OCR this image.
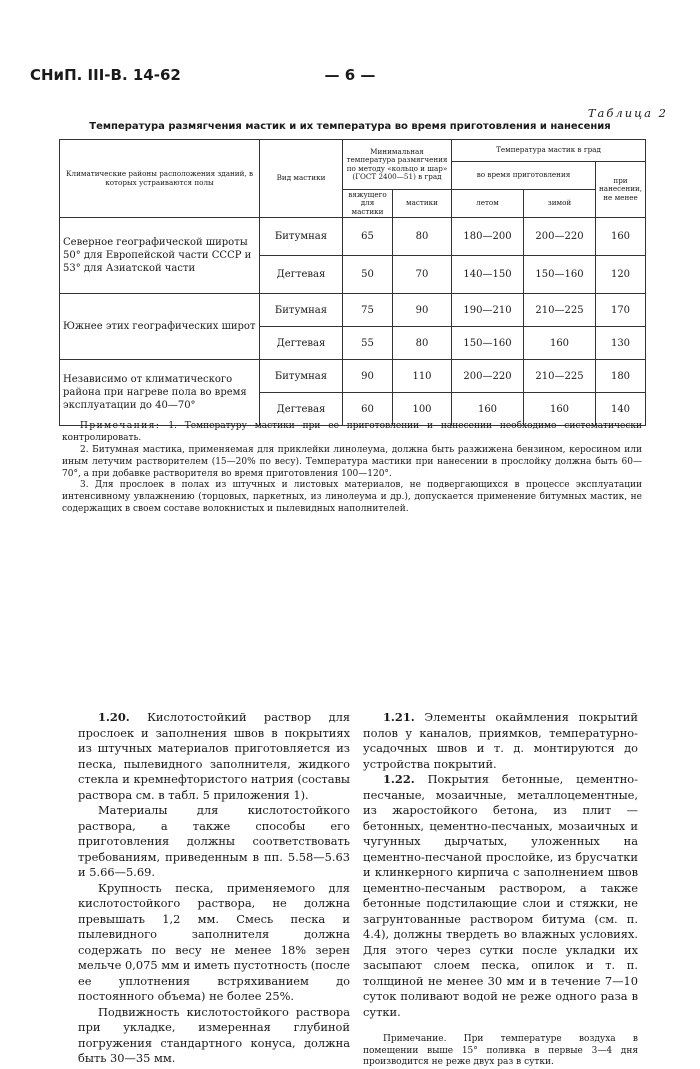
СНиП. III-В. 14-62	— 6 —
Таблица 2
Температура размягчения мастик и их температура во время приготовления и нанесения
Климатические районы расположения зданий, в которых устраиваются полы	Вид мастики	Минимальная температура размягчения по методу «кольцо и шар» (ГОСТ 2400—51) в град		Температура мастик в град		
				во время приготовления		при нанесении, не менее
		вяжущего для мастики	мастики	летом	зимой	
Северное географической широты 50° для Европейской части СССР и 53° для Азиатской части	Битумная	65	80	180—200	200—220	160
	Дегтевая	50	70	140—150	150—160	120
Южнее этих географических широт	Битумная	75	90	190—210	210—225	170
	Дегтевая	55	80	150—160	160	130
Независимо от климатического района при нагреве пола во время эксплуатации до 40—70°	Битумная	90	110	200—220	210—225	180
	Дегтевая	60	100	160	160	140

Примечания: 1. Температуру мастики при ее приготовлении и нанесении необходимо систематически контролировать.

2. Битумная мастика, применяемая для приклейки линолеума, должна быть разжижена бензином, керосином или иным летучим растворителем (15—20% по весу). Температура мастики при нанесении в прослойку должна быть 60—70°, а при добавке растворителя во время приготовления 100—120°.

3. Для прослоек в полах из штучных и листовых материалов, не подвергающихся в процессе эксплуатации интенсивному увлажнению (торцовых, паркетных, из линолеума и др.), допускается применение битумных мастик, не содержащих в своем составе волокнистых и пылевидных наполнителей.

1.20. Кислотостойкий раствор для прослоек и заполнения швов в покрытиях из штучных материалов приготовляется из песка, пылевидного заполнителя, жидкого стекла и кремнефтористого натрия (составы раствора см. в табл. 5 приложения 1).

Материалы для кислотостойкого раствора, а также способы его приготовления должны соответствовать требованиям, приведенным в пп. 5.58—5.63 и 5.66—5.69.

Крупность песка, применяемого для кислотостойкого раствора, не должна превышать 1,2 мм. Смесь песка и пылевидного заполнителя должна содержать по весу не менее 18% зерен мельче 0,075 мм и иметь пустотность (после ее уплотнения встряхиванием до постоянного объема) не более 25%.

Подвижность кислотостойкого раствора при укладке, измеренная глубиной погружения стандартного конуса, должна быть 30—35 мм.

1.21. Элементы окаймления покрытий полов у каналов, приямков, температурно-усадочных швов и т. д. монтируются до устройства покрытий.

1.22. Покрытия бетонные, цементно-песчаные, мозаичные, металлоцементные, из жаростойкого бетона, из плит — бетонных, цементно-песчаных, мозаичных и чугунных дырчатых, уложенных на цементно-песчаной прослойке, из брусчатки и клинкерного кирпича с заполнением швов цементно-песчаным раствором, а также бетонные подстилающие слои и стяжки, не загрунтованные раствором битума (см. п. 4.4), должны твердеть во влажных условиях. Для этого через сутки после укладки их засыпают слоем песка, опилок и т. п. толщиной не менее 30 мм и в течение 7—10 суток поливают водой не реже одного раза в сутки.

Примечание. При температуре воздуха в помещении выше 15° поливка в первые 3—4 дня производится не реже двух раз в сутки.
